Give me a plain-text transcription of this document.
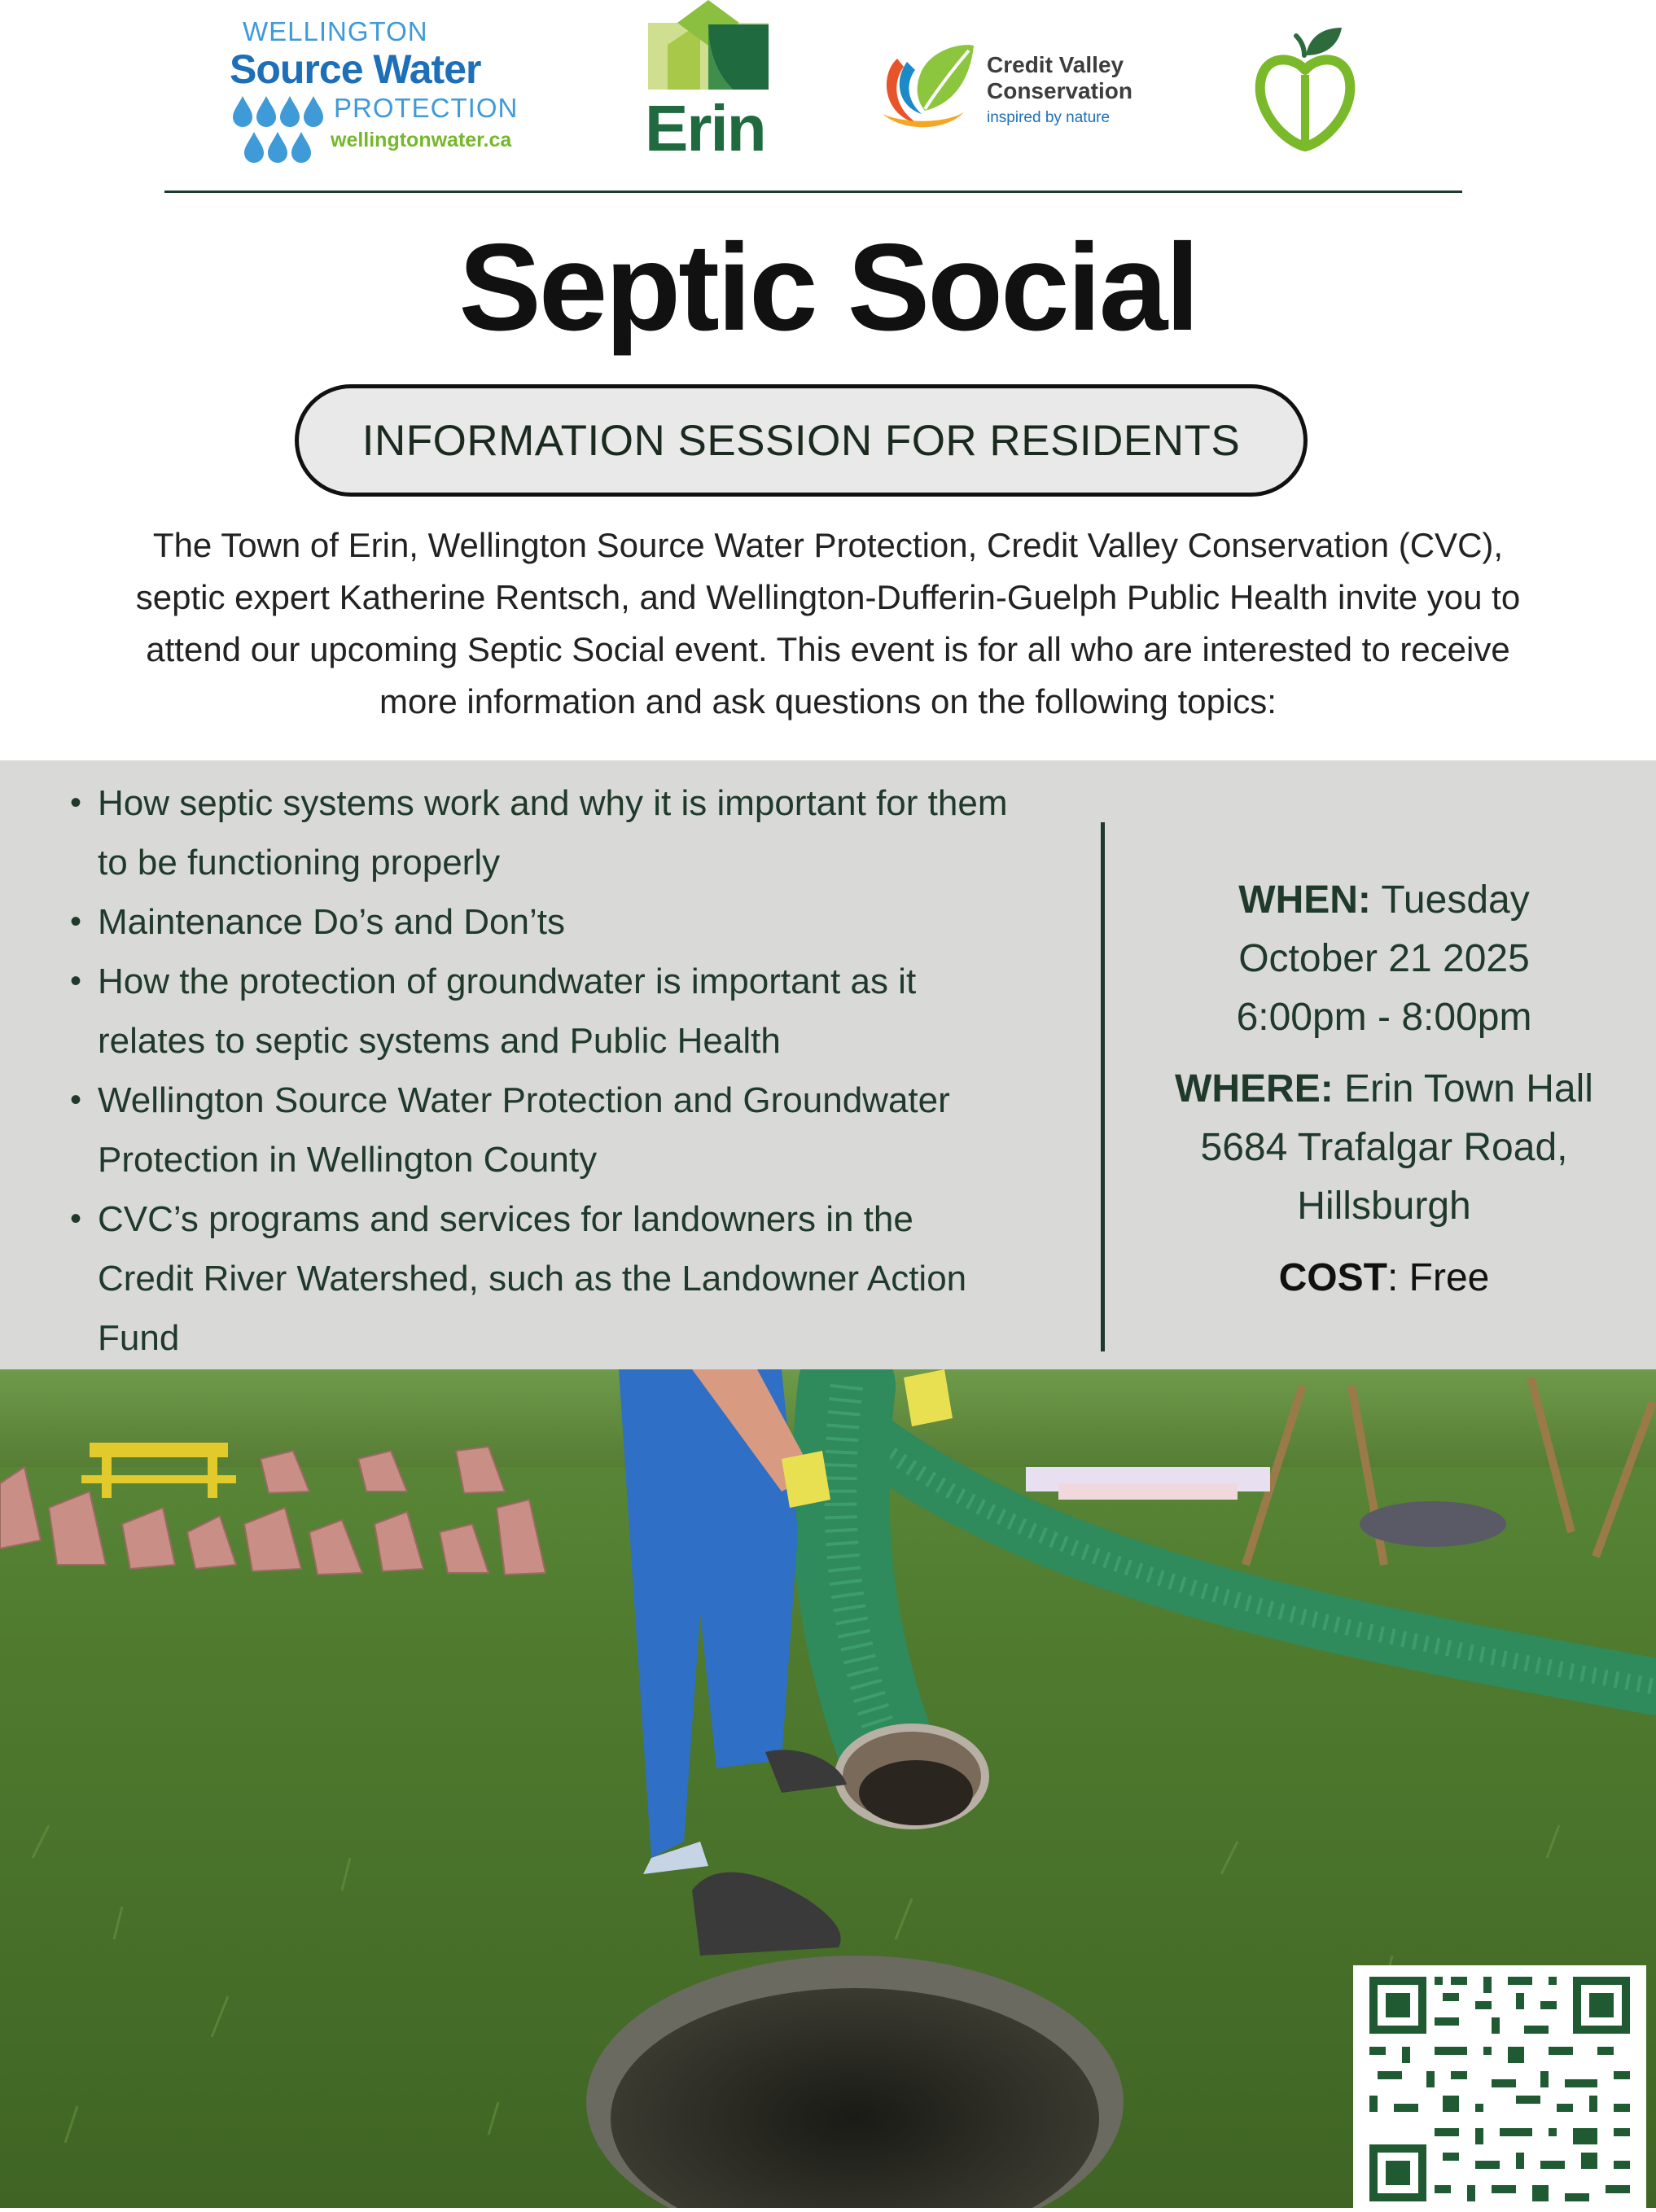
WELLINGTON
Source Water
PROTECTION
wellingtonwater.ca Erin
Credit Valley
Conservation
inspired by nature
Septic Social
INFORMATION SESSION FOR RESIDENTS
The Town of Erin, Wellington Source Water Protection, Credit Valley Conservation (CVC),
septic expert Katherine Rentsch, and Wellington-Dufferin-Guelph Public Health invite you to
attend our upcoming Septic Social event. This event is for all who are interested to receive
more information and ask questions on the following topics:
• How septic systems work and why it is important for them
to be functioning properly
• Maintenance Do’s and Don’ts
• How the protection of groundwater is important as it
relates to septic systems and Public Health
• Wellington Source Water Protection and Groundwater
Protection in Wellington County
• CVC’s programs and services for landowners in the
Credit River Watershed, such as the Landowner Action
Fund
WHEN: Tuesday
October 21 2025
6:00pm - 8:00pm
WHERE: Erin Town Hall
5684 Trafalgar Road,
Hillsburgh
COST: Free
